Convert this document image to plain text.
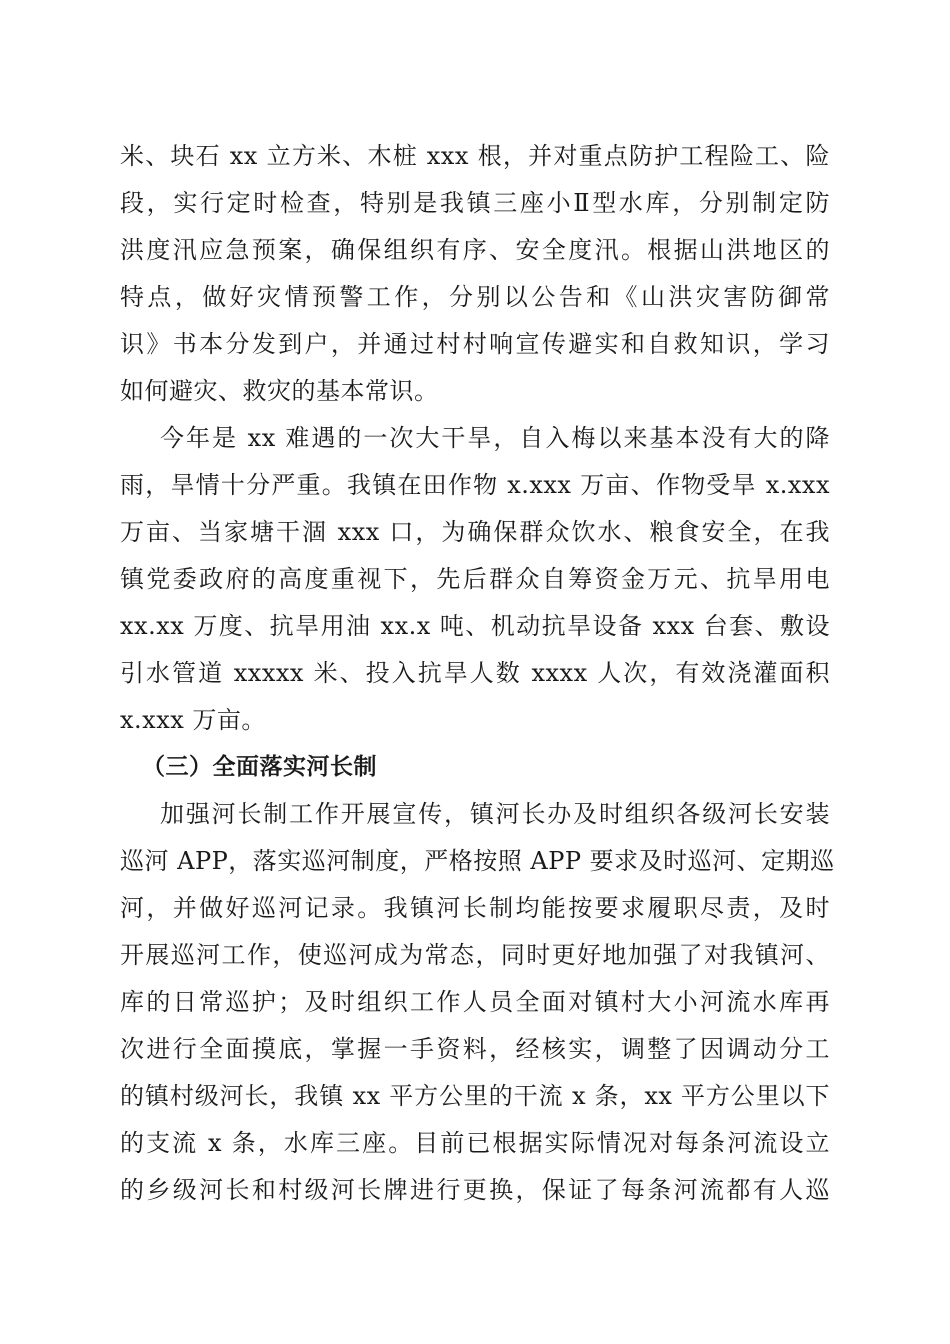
米、块石 xx 立方米、木桩 xxx 根，并对重点防护工程险工、险
段，实行定时检查，特别是我镇三座小Ⅱ型水库，分别制定防
洪度汛应急预案，确保组织有序、安全度汛。根据山洪地区的
特点，做好灾情预警工作，分别以公告和《山洪灾害防御常
识》书本分发到户，并通过村村响宣传避实和自救知识，学习
如何避灾、救灾的基本常识。
今年是 xx 难遇的一次大干旱，自入梅以来基本没有大的降
雨，旱情十分严重。我镇在田作物 x.xxx 万亩、作物受旱 x.xxx
万亩、当家塘干涸 xxx 口，为确保群众饮水、粮食安全，在我
镇党委政府的高度重视下，先后群众自筹资金万元、抗旱用电
xx.xx 万度、抗旱用油 xx.x 吨、机动抗旱设备 xxx 台套、敷设
引水管道 xxxxx 米、投入抗旱人数 xxxx 人次，有效浇灌面积
x.xxx 万亩。
（三）全面落实河长制
加强河长制工作开展宣传，镇河长办及时组织各级河长安装
巡河 APP，落实巡河制度，严格按照 APP 要求及时巡河、定期巡
河，并做好巡河记录。我镇河长制均能按要求履职尽责，及时
开展巡河工作，使巡河成为常态，同时更好地加强了对我镇河、
库的日常巡护；及时组织工作人员全面对镇村大小河流水库再
次进行全面摸底，掌握一手资料，经核实，调整了因调动分工
的镇村级河长，我镇 xx 平方公里的干流 x 条，xx 平方公里以下
的支流 x 条，水库三座。目前已根据实际情况对每条河流设立
的乡级河长和村级河长牌进行更换，保证了每条河流都有人巡
